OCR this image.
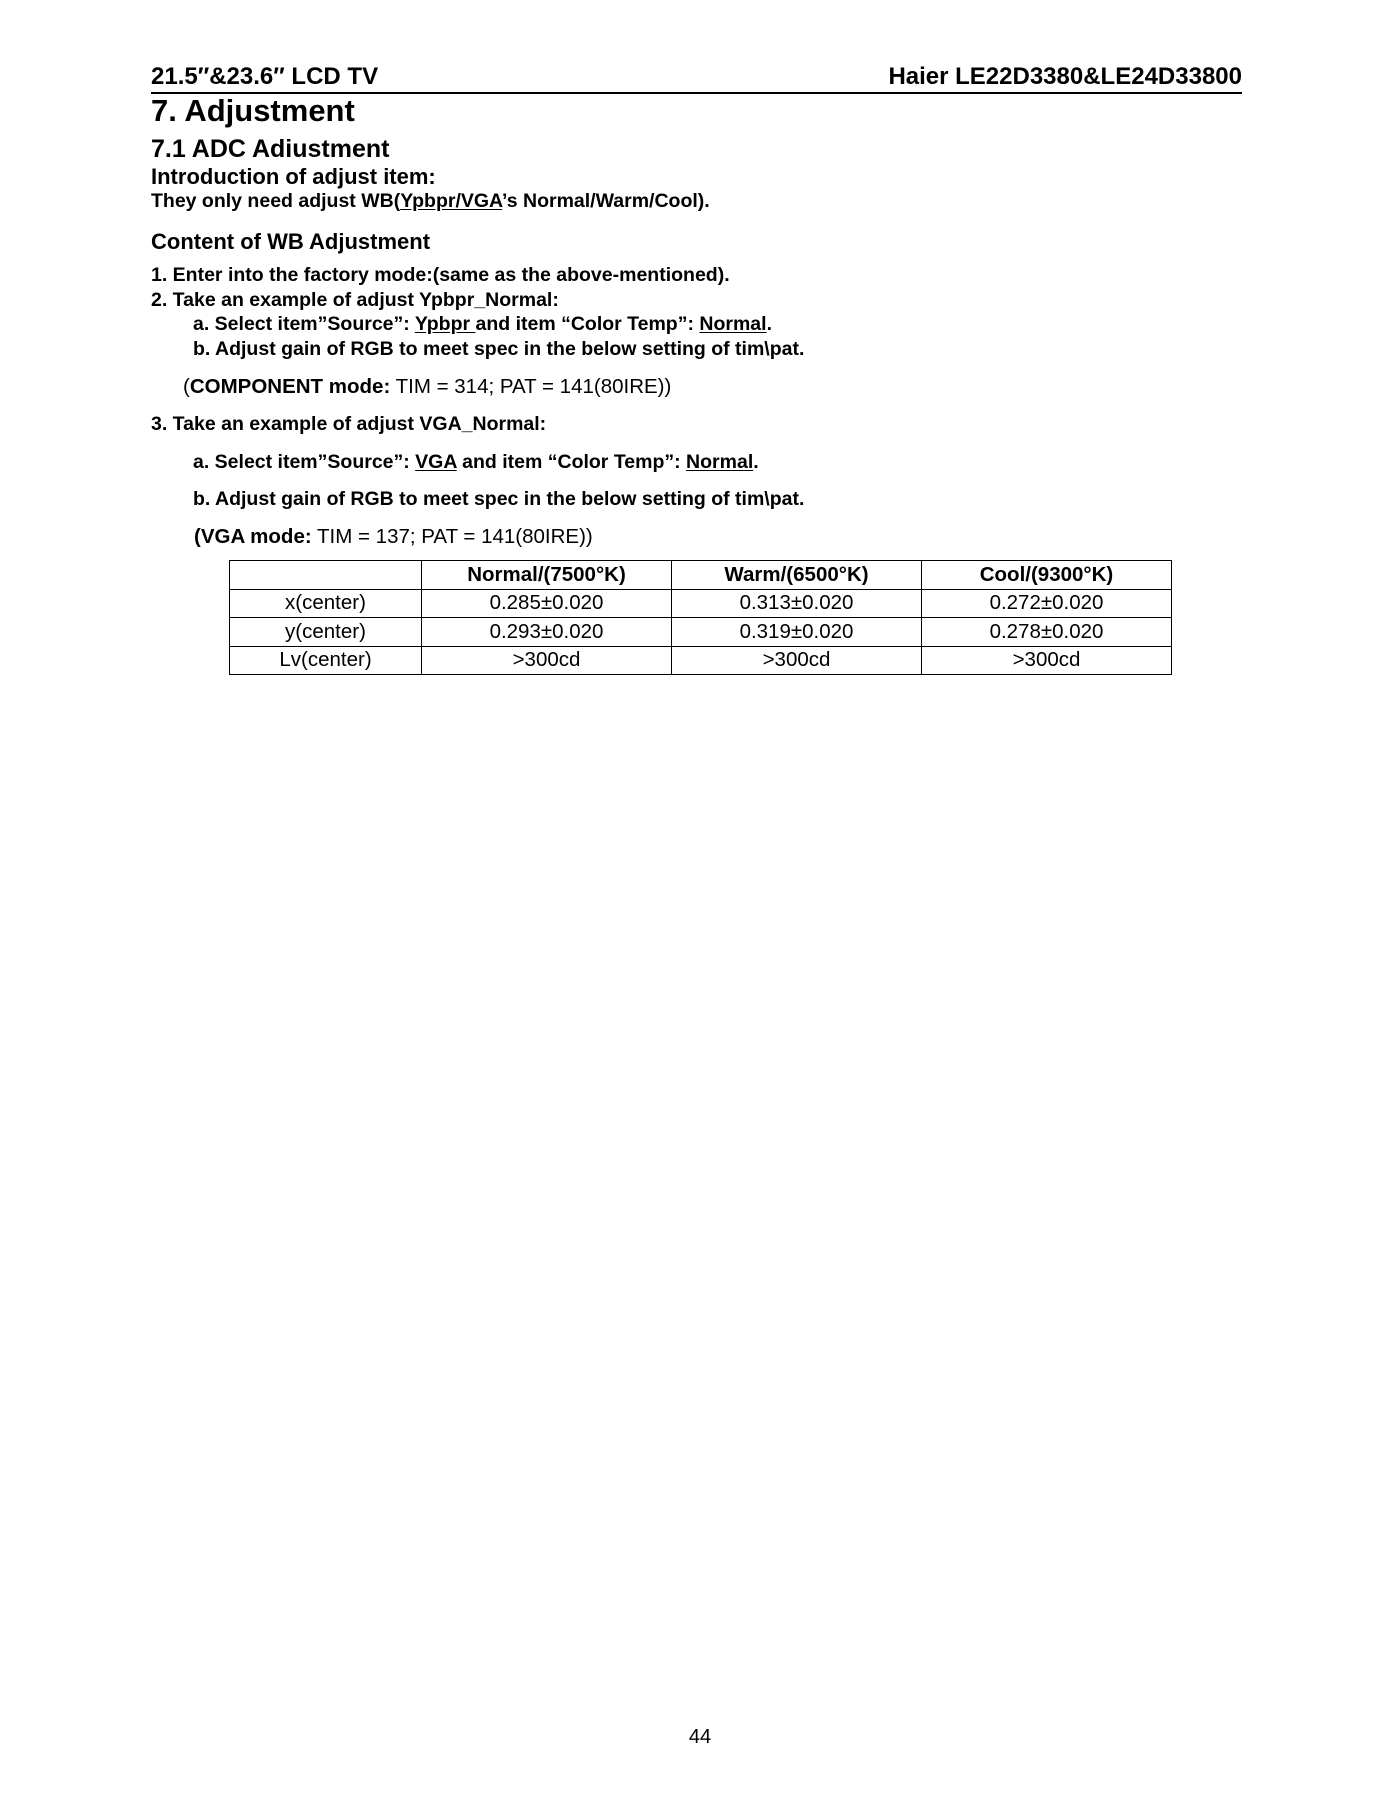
21.5″&23.6″ LCD TV	Haier LE22D3380&LE24D33800
7. Adjustment
7.1 ADC Adiustment
Introduction of adjust item:
They only need adjust WB(Ypbpr/VGA’s Normal/Warm/Cool).
Content of WB Adjustment
1. Enter into the factory mode:(same as the above-mentioned).
2. Take an example of adjust Ypbpr_Normal:
a. Select item”Source”: Ypbpr and item “Color Temp”: Normal.
b. Adjust gain of RGB to meet spec in the below setting of tim\pat.
(COMPONENT mode: TIM = 314; PAT = 141(80IRE))
3. Take an example of adjust VGA_Normal:
a. Select item”Source”: VGA and item “Color Temp”: Normal.
b. Adjust gain of RGB to meet spec in the below setting of tim\pat.
(VGA mode: TIM = 137; PAT = 141(80IRE))
	Normal/(7500°K)	Warm/(6500°K)	Cool/(9300°K)
x(center)	0.285±0.020	0.313±0.020	0.272±0.020
y(center)	0.293±0.020	0.319±0.020	0.278±0.020
Lv(center)	>300cd	>300cd	>300cd
44
